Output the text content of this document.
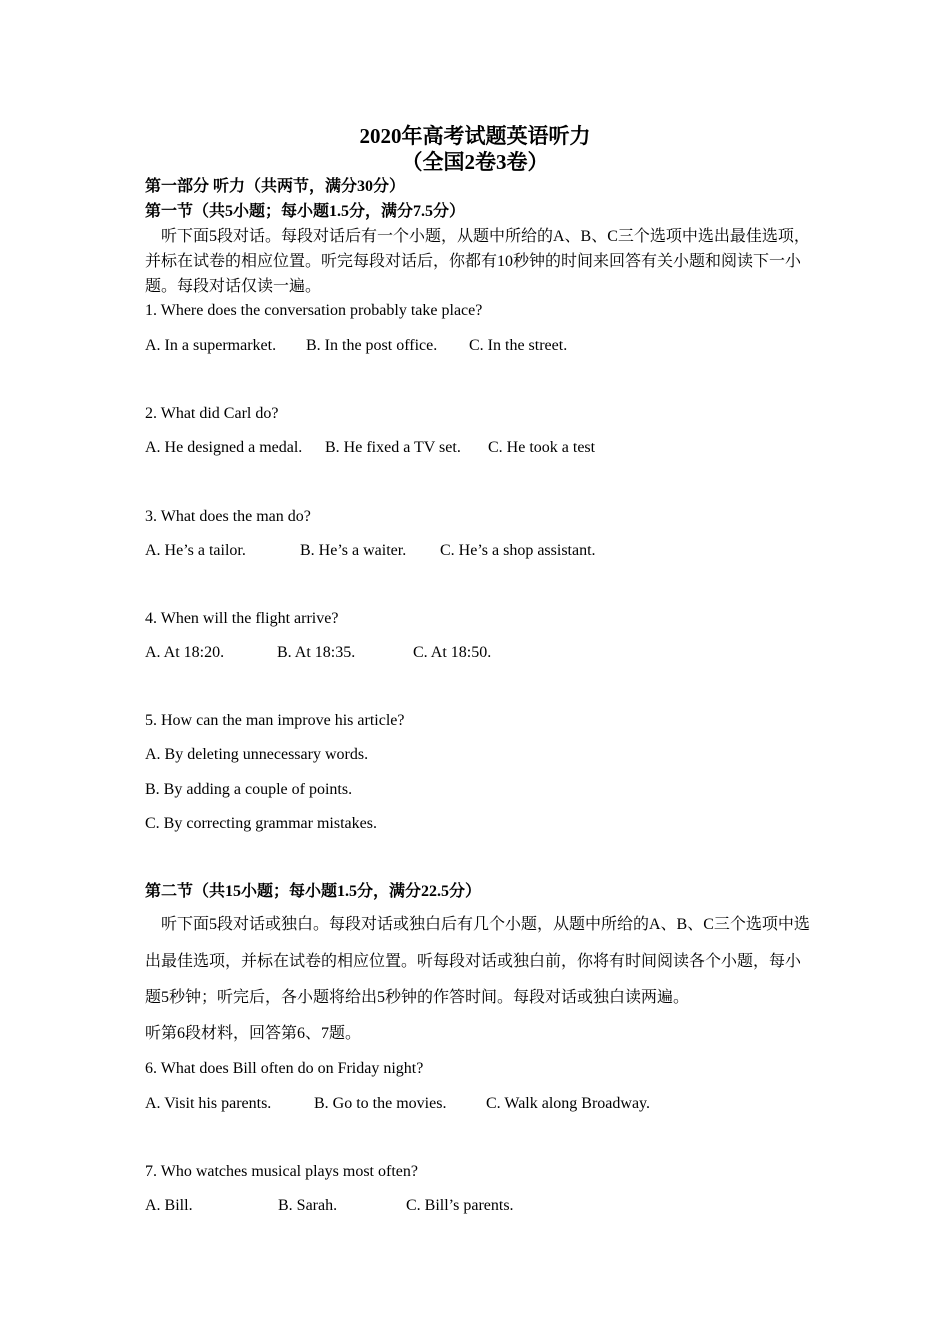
2020年高考试题英语听力
（全国2卷3卷）
第一部分 听力（共两节，满分30分）
第一节（共5小题；每小题1.5分，满分7.5分）
听下面5段对话。每段对话后有一个小题，从题中所给的A、B、C三个选项中选出最佳选项，并标在试卷的相应位置。听完每段对话后，你都有10秒钟的时间来回答有关小题和阅读下一小题。每段对话仅读一遍。
1. Where does the conversation probably take place?
A. In a supermarket. B. In the post office. C. In the street.
2. What did Carl do?
A. He designed a medal. B. He fixed a TV set. C. He took a test
3. What does the man do?
A. He’s a tailor.	B. He’s a waiter. C. He’s a shop assistant.
4. When will the flight arrive?
A. At 18:20.	B. At 18:35.	C. At 18:50.
5. How can the man improve his article?
A. By deleting unnecessary words.
B. By adding a couple of points.
C. By correcting grammar mistakes.
第二节（共15小题；每小题1.5分，满分22.5分）
听下面5段对话或独白。每段对话或独白后有几个小题，从题中所给的A、B、C三个选项中选出最佳选项，并标在试卷的相应位置。听每段对话或独白前，你将有时间阅读各个小题，每小题5秒钟；听完后，各小题将给出5秒钟的作答时间。每段对话或独白读两遍。
听第6段材料，回答第6、7题。
6. What does Bill often do on Friday night?
A. Visit his parents.	B. Go to the movies. C. Walk along Broadway.
7. Who watches musical plays most often?
A. Bill.	B. Sarah.	C. Bill’s parents.
